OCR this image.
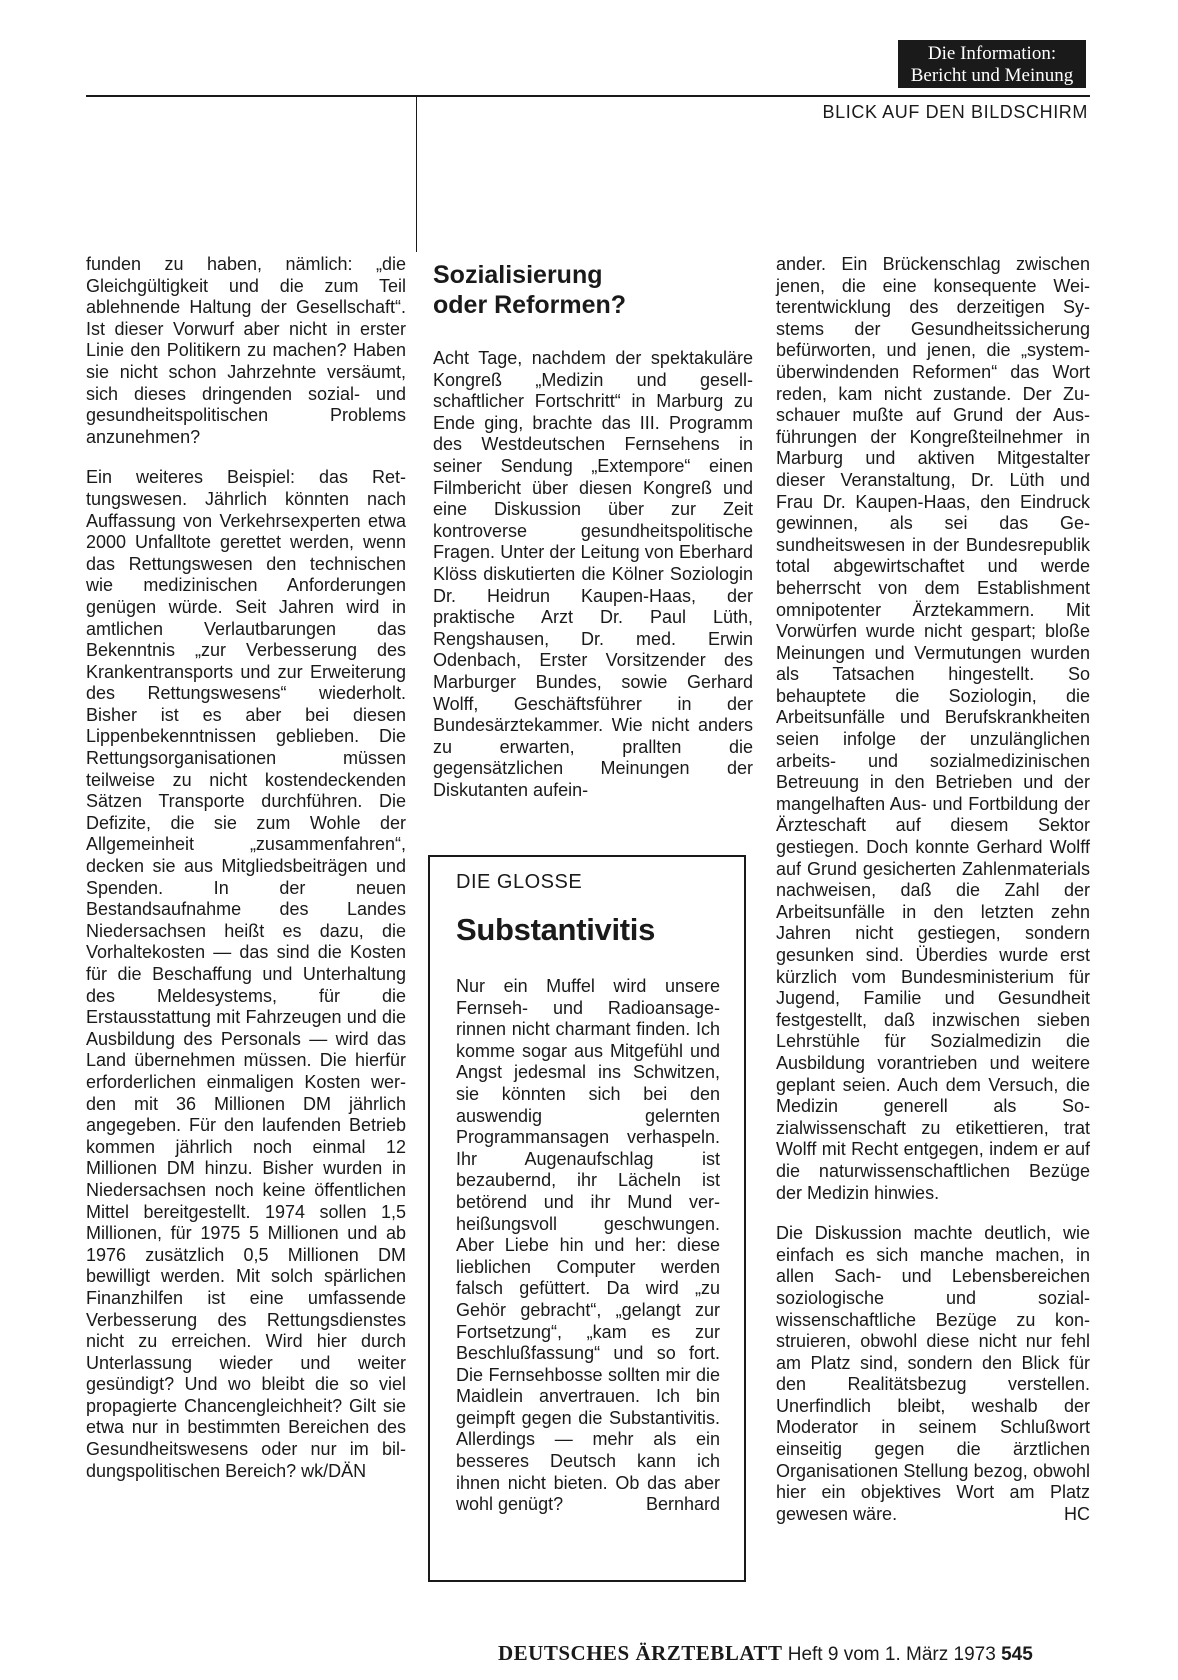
Die Information:
Bericht und Meinung
BLICK AUF DEN BILDSCHIRM

funden zu haben, nämlich: „die Gleichgültigkeit und die zum Teil ablehnende Haltung der Gesellschaft“. Ist dieser Vorwurf aber nicht in erster Linie den Politikern zu machen? Haben sie nicht schon Jahrzehnte versäumt, sich dieses dringenden sozial- und gesundheitspolitischen Problems anzunehmen?

Ein weiteres Beispiel: das Rettungswesen. Jährlich könnten nach Auffassung von Verkehrsexperten etwa 2000 Unfalltote gerettet werden, wenn das Rettungswesen den technischen wie medizinischen Anforderungen genügen würde. Seit Jahren wird in amtlichen Verlautbarungen das Bekenntnis „zur Verbesserung des Krankentransports und zur Erweiterung des Rettungswesens“ wiederholt. Bisher ist es aber bei diesen Lippenbekenntnissen geblieben. Die Rettungsorganisationen müssen teilweise zu nicht kostendeckenden Sätzen Transporte durchführen. Die Defizite, die sie zum Wohle der Allgemeinheit „zusammenfahren“, decken sie aus Mitgliedsbeiträgen und Spenden. In der neuen Bestandsaufnahme des Landes Niedersachsen heißt es dazu, die Vorhaltekosten — das sind die Kosten für die Beschaffung und Unterhaltung des Meldesystems, für die Erstausstattung mit Fahrzeugen und die Ausbildung des Personals — wird das Land übernehmen müssen. Die hierfür erforderlichen einmaligen Kosten werden mit 36 Millionen DM jährlich angegeben. Für den laufenden Betrieb kommen jährlich noch einmal 12 Millionen DM hinzu. Bisher wurden in Niedersachsen noch keine öffentlichen Mittel bereitgestellt. 1974 sollen 1,5 Millionen, für 1975 5 Millionen und ab 1976 zusätzlich 0,5 Millionen DM bewilligt werden. Mit solch spärlichen Finanzhilfen ist eine umfassende Verbesserung des Rettungsdienstes nicht zu erreichen. Wird hier durch Unterlassung wieder und weiter gesündigt? Und wo bleibt die so viel propagierte Chancengleichheit? Gilt sie etwa nur in bestimmten Bereichen des Gesundheitswesens oder nur im bildungspolitischen Bereich? wk/DÄN

Sozialisierung
oder Reformen?

Acht Tage, nachdem der spektakuläre Kongreß „Medizin und gesellschaftlicher Fortschritt“ in Marburg zu Ende ging, brachte das III. Programm des Westdeutschen Fernsehens in seiner Sendung „Extempore“ einen Filmbericht über diesen Kongreß und eine Diskussion über zur Zeit kontroverse gesundheitspolitische Fragen. Unter der Leitung von Eberhard Klöss diskutierten die Kölner Soziologin Dr. Heidrun Kaupen-Haas, der praktische Arzt Dr. Paul Lüth, Rengshausen, Dr. med. Erwin Odenbach, Erster Vorsitzender des Marburger Bundes, sowie Gerhard Wolff, Geschäftsführer in der Bundesärztekammer. Wie nicht anders zu erwarten, prallten die gegensätzlichen Meinungen der Diskutanten aufein-

DIE GLOSSE
Substantivitis
Nur ein Muffel wird unsere Fernseh- und Radioansagerinnen nicht charmant finden. Ich komme sogar aus Mitgefühl und Angst jedesmal ins Schwitzen, sie könnten sich bei den auswendig gelernten Programmansagen verhaspeln. Ihr Augenaufschlag ist bezaubernd, ihr Lächeln ist betörend und ihr Mund verheißungsvoll geschwungen. Aber Liebe hin und her: diese lieblichen Computer werden falsch gefüttert. Da wird „zu Gehör gebracht“, „gelangt zur Fortsetzung“, „kam es zur Beschlußfassung“ und so fort. Die Fernsehbosse sollten mir die Maidlein anvertrauen. Ich bin geimpft gegen die Substantivitis. Allerdings — mehr als ein besseres Deutsch kann ich ihnen nicht bieten. Ob das aber wohl genügt?	Bernhard

ander. Ein Brückenschlag zwischen jenen, die eine konsequente Weiterentwicklung des derzeitigen Systems der Gesundheitssicherung befürworten, und jenen, die „systemüberwindenden Reformen“ das Wort reden, kam nicht zustande. Der Zuschauer mußte auf Grund der Ausführungen der Kongreßteilnehmer in Marburg und aktiven Mitgestalter dieser Veranstaltung, Dr. Lüth und Frau Dr. Kaupen-Haas, den Eindruck gewinnen, als sei das Gesundheitswesen in der Bundesrepublik total abgewirtschaftet und werde beherrscht von dem Establishment omnipotenter Ärztekammern. Mit Vorwürfen wurde nicht gespart; bloße Meinungen und Vermutungen wurden als Tatsachen hingestellt. So behauptete die Soziologin, die Arbeitsunfälle und Berufskrankheiten seien infolge der unzulänglichen arbeits- und sozialmedizinischen Betreuung in den Betrieben und der mangelhaften Aus- und Fortbildung der Ärzteschaft auf diesem Sektor gestiegen. Doch konnte Gerhard Wolff auf Grund gesicherten Zahlenmaterials nachweisen, daß die Zahl der Arbeitsunfälle in den letzten zehn Jahren nicht gestiegen, sondern gesunken sind. Überdies wurde erst kürzlich vom Bundesministerium für Jugend, Familie und Gesundheit festgestellt, daß inzwischen sieben Lehrstühle für Sozialmedizin die Ausbildung vorantrieben und weitere geplant seien. Auch dem Versuch, die Medizin generell als Sozialwissenschaft zu etikettieren, trat Wolff mit Recht entgegen, indem er auf die naturwissenschaftlichen Bezüge der Medizin hinwies.

Die Diskussion machte deutlich, wie einfach es sich manche machen, in allen Sach- und Lebensbereichen soziologische und sozialwissenschaftliche Bezüge zu konstruieren, obwohl diese nicht nur fehl am Platz sind, sondern den Blick für den Realitätsbezug verstellen. Unerfindlich bleibt, weshalb der Moderator in seinem Schlußwort einseitig gegen die ärztlichen Organisationen Stellung bezog, obwohl hier ein objektives Wort am Platz gewesen wäre.	HC

DEUTSCHES ÄRZTEBLATT Heft 9 vom 1. März 1973 545
